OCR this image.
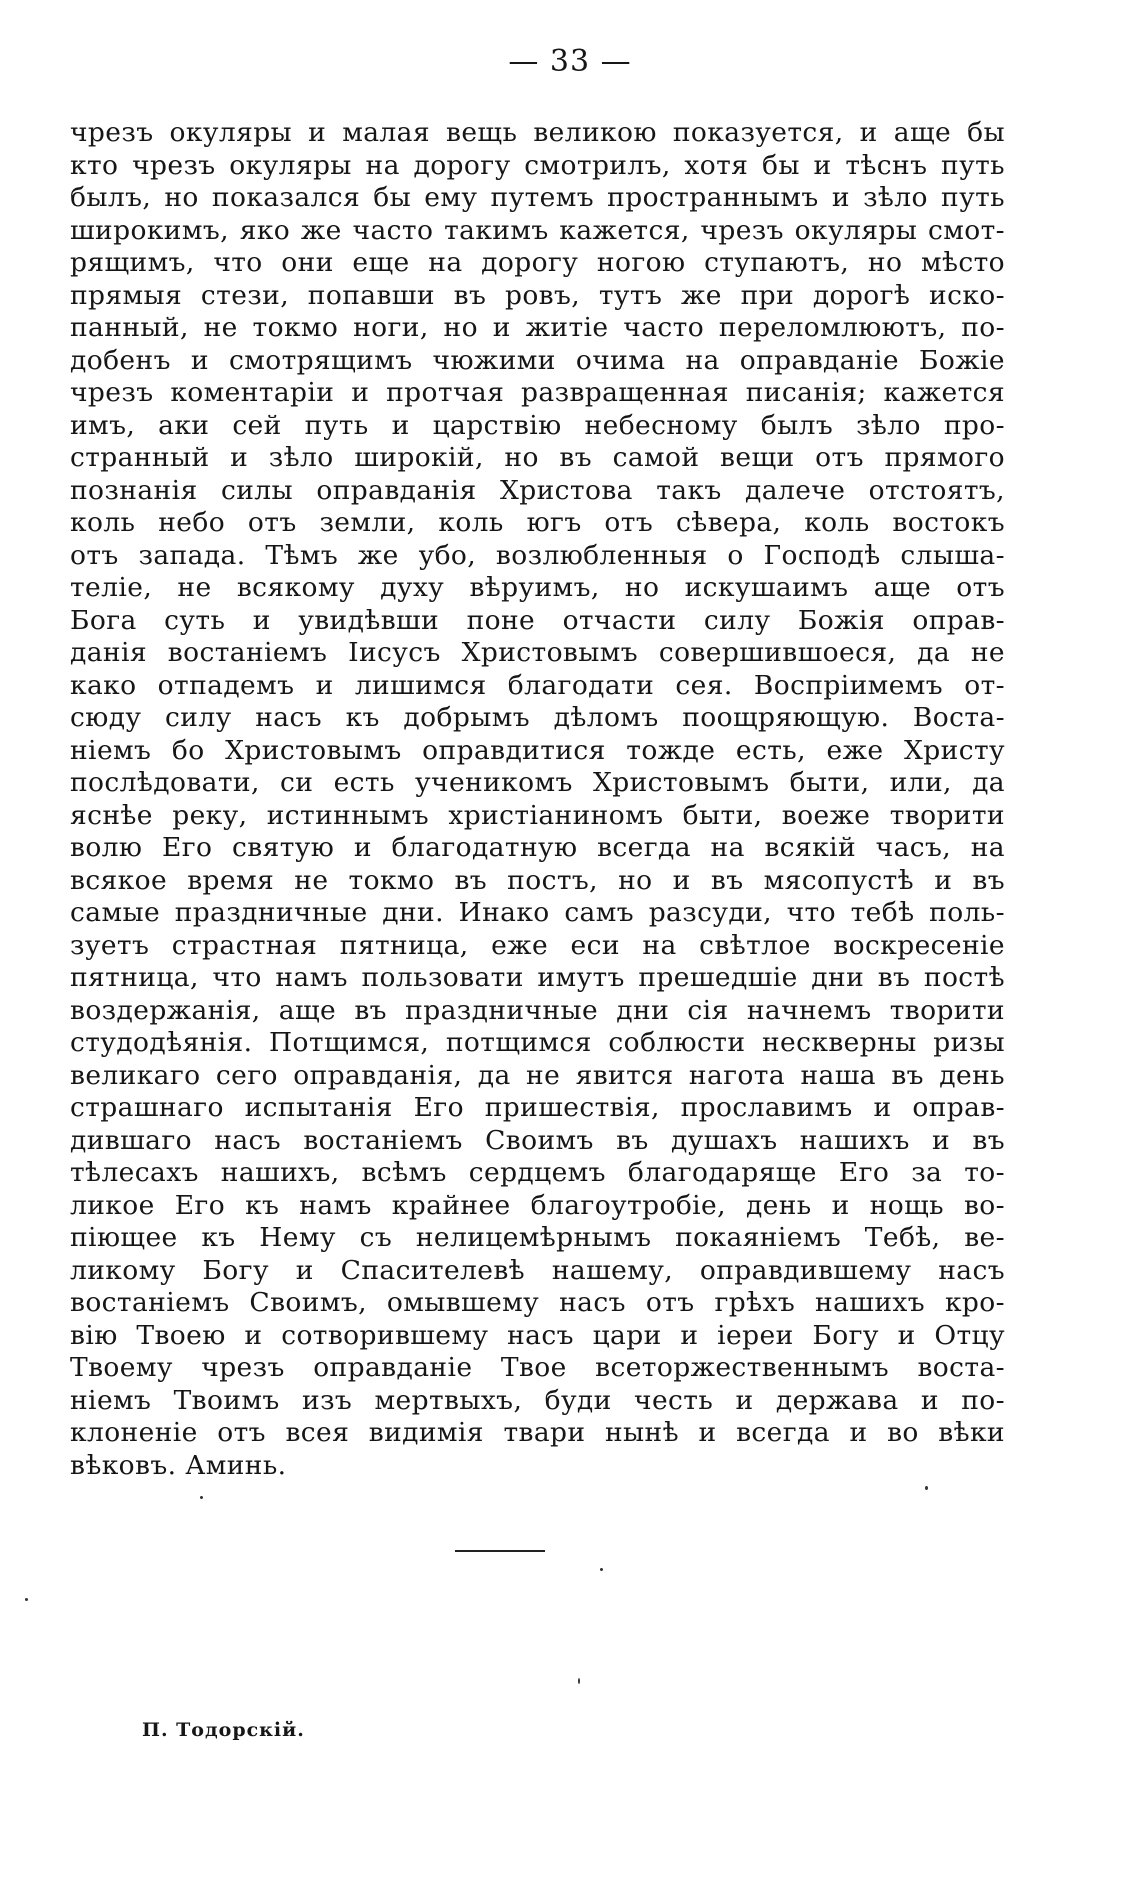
— 33 —
чрезъ окуляры и малая вещь великою показуется, и аще бы
кто чрезъ окуляры на дорогу смотрилъ, хотя бы и тѣснъ путь
былъ, но показался бы ему путемъ пространнымъ и зѣло путь
широкимъ, яко же часто такимъ кажется, чрезъ окуляры смот-
рящимъ, что они еще на дорогу ногою ступаютъ, но мѣсто
прямыя стези, попавши въ ровъ, тутъ же при дорогѣ иско-
панный, не токмо ноги, но и житіе часто переломлюютъ, по-
добенъ и смотрящимъ чюжими очима на оправданіе Божіе
чрезъ коментаріи и протчая развращенная писанія; кажется
имъ, аки сей путь и царствію небесному былъ зѣло про-
странный и зѣло широкій, но въ самой вещи отъ прямого
познанія силы оправданія Христова такъ далече отстоятъ,
коль небо отъ земли, коль югъ отъ сѣвера, коль востокъ
отъ запада. Тѣмъ же убо, возлюбленныя о Господѣ слыша-
теліе, не всякому духу вѣруимъ, но искушаимъ аще отъ
Бога суть и увидѣвши поне отчасти силу Божія оправ-
данія востаніемъ Іисусъ Христовымъ совершившоеся, да не
како отпадемъ и лишимся благодати сея. Воспріимемъ от-
сюду силу насъ къ добрымъ дѣломъ поощряющую. Воста-
ніемъ бо Христовымъ оправдитися тожде есть, еже Христу
послѣдовати, си есть ученикомъ Христовымъ быти, или, да
яснѣе реку, истиннымъ христіаниномъ быти, воеже творити
волю Его святую и благодатную всегда на всякій часъ, на
всякое время не токмо въ постъ, но и въ мясопустѣ и въ
самые праздничные дни. Инако самъ разсуди, что тебѣ поль-
зуетъ страстная пятница, еже еси на свѣтлое воскресеніе
пятница, что намъ пользовати имутъ прешедшіе дни въ постѣ
воздержанія, аще въ праздничные дни сія начнемъ творити
студодѣянія. Потщимся, потщимся соблюсти нескверны ризы
великаго сего оправданія, да не явится нагота наша въ день
страшнаго испытанія Его пришествія, прославимъ и оправ-
дившаго насъ востаніемъ Своимъ въ душахъ нашихъ и въ
тѣлесахъ нашихъ, всѣмъ сердцемъ благодаряще Его за то-
ликое Его къ намъ крайнее благоутробіе, день и нощь во-
піющее къ Нему съ нелицемѣрнымъ покаяніемъ Тебѣ, ве-
ликому Богу и Спасителевѣ нашему, оправдившему насъ
востаніемъ Своимъ, омывшему насъ отъ грѣхъ нашихъ кро-
вію Твоею и сотворившему насъ цари и іереи Богу и Отцу
Твоему чрезъ оправданіе Твое всеторжественнымъ воста-
ніемъ Твоимъ изъ мертвыхъ, буди честь и держава и по-
клоненіе отъ всея видимія твари нынѣ и всегда и во вѣки
вѣковъ. Аминь.
П. Тодорскій.
